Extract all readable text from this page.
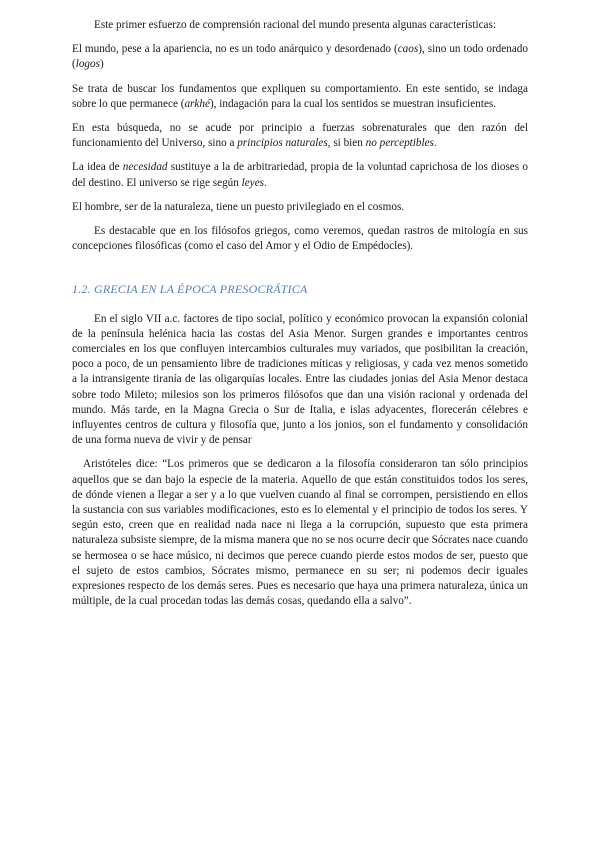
Este primer esfuerzo de comprensión racional del mundo presenta algunas características:

El mundo, pese a la apariencia, no es un todo anárquico y desordenado (caos), sino un todo ordenado (logos)

Se trata de buscar los fundamentos que expliquen su comportamiento. En este sentido, se indaga sobre lo que permanece (arkhé), indagación para la cual los sentidos se muestran insuficientes.

En esta búsqueda, no se acude por principio a fuerzas sobrenaturales que den razón del funcionamiento del Universo, sino a principios naturales, si bien no perceptibles.

La idea de necesidad sustituye a la de arbitrariedad, propia de la voluntad caprichosa de los dioses o del destino. El universo se rige según leyes.

El hombre, ser de la naturaleza, tiene un puesto privilegiado en el cosmos.

Es destacable que en los filósofos griegos, como veremos, quedan rastros de mitología en sus concepciones filosóficas (como el caso del Amor y el Odio de Empédocles).

1.2. GRECIA EN LA ÉPOCA PRESOCRÁTICA

En el siglo VII a.c. factores de tipo social, político y económico provocan la expansión colonial de la península helénica hacia las costas del Asia Menor. Surgen grandes e importantes centros comerciales en los que confluyen intercambios culturales muy variados, que posibilitan la creación, poco a poco, de un pensamiento libre de tradiciones míticas y religiosas, y cada vez menos sometido a la intransigente tiranía de las oligarquías locales. Entre las ciudades jonias del Asia Menor destaca sobre todo Mileto; milesios son los primeros filósofos que dan una visión racional y ordenada del mundo. Más tarde, en la Magna Grecia o Sur de Italia, e islas adyacentes, florecerán célebres e influyentes centros de cultura y filosofía que, junto a los jonios, son el fundamento y consolidación de una forma nueva de vivir y de pensar

Aristóteles dice: “Los primeros que se dedicaron a la filosofía consideraron tan sólo principios aquellos que se dan bajo la especie de la materia. Aquello de que están constituidos todos los seres, de dónde vienen a llegar a ser y a lo que vuelven cuando al final se corrompen, persistiendo en ellos la sustancia con sus variables modificaciones, esto es lo elemental y el principio de todos los seres. Y según esto, creen que en realidad nada nace ni llega a la corrupción, supuesto que esta primera naturaleza subsiste siempre, de la misma manera que no se nos ocurre decir que Sócrates nace cuando se hermosea o se hace músico, ni decimos que perece cuando pierde estos modos de ser, puesto que el sujeto de estos cambios, Sócrates mismo, permanece en su ser; ni podemos decir iguales expresiones respecto de los demás seres. Pues es necesario que haya una primera naturaleza, única un múltiple, de la cual procedan todas las demás cosas, quedando ella a salvo”.
